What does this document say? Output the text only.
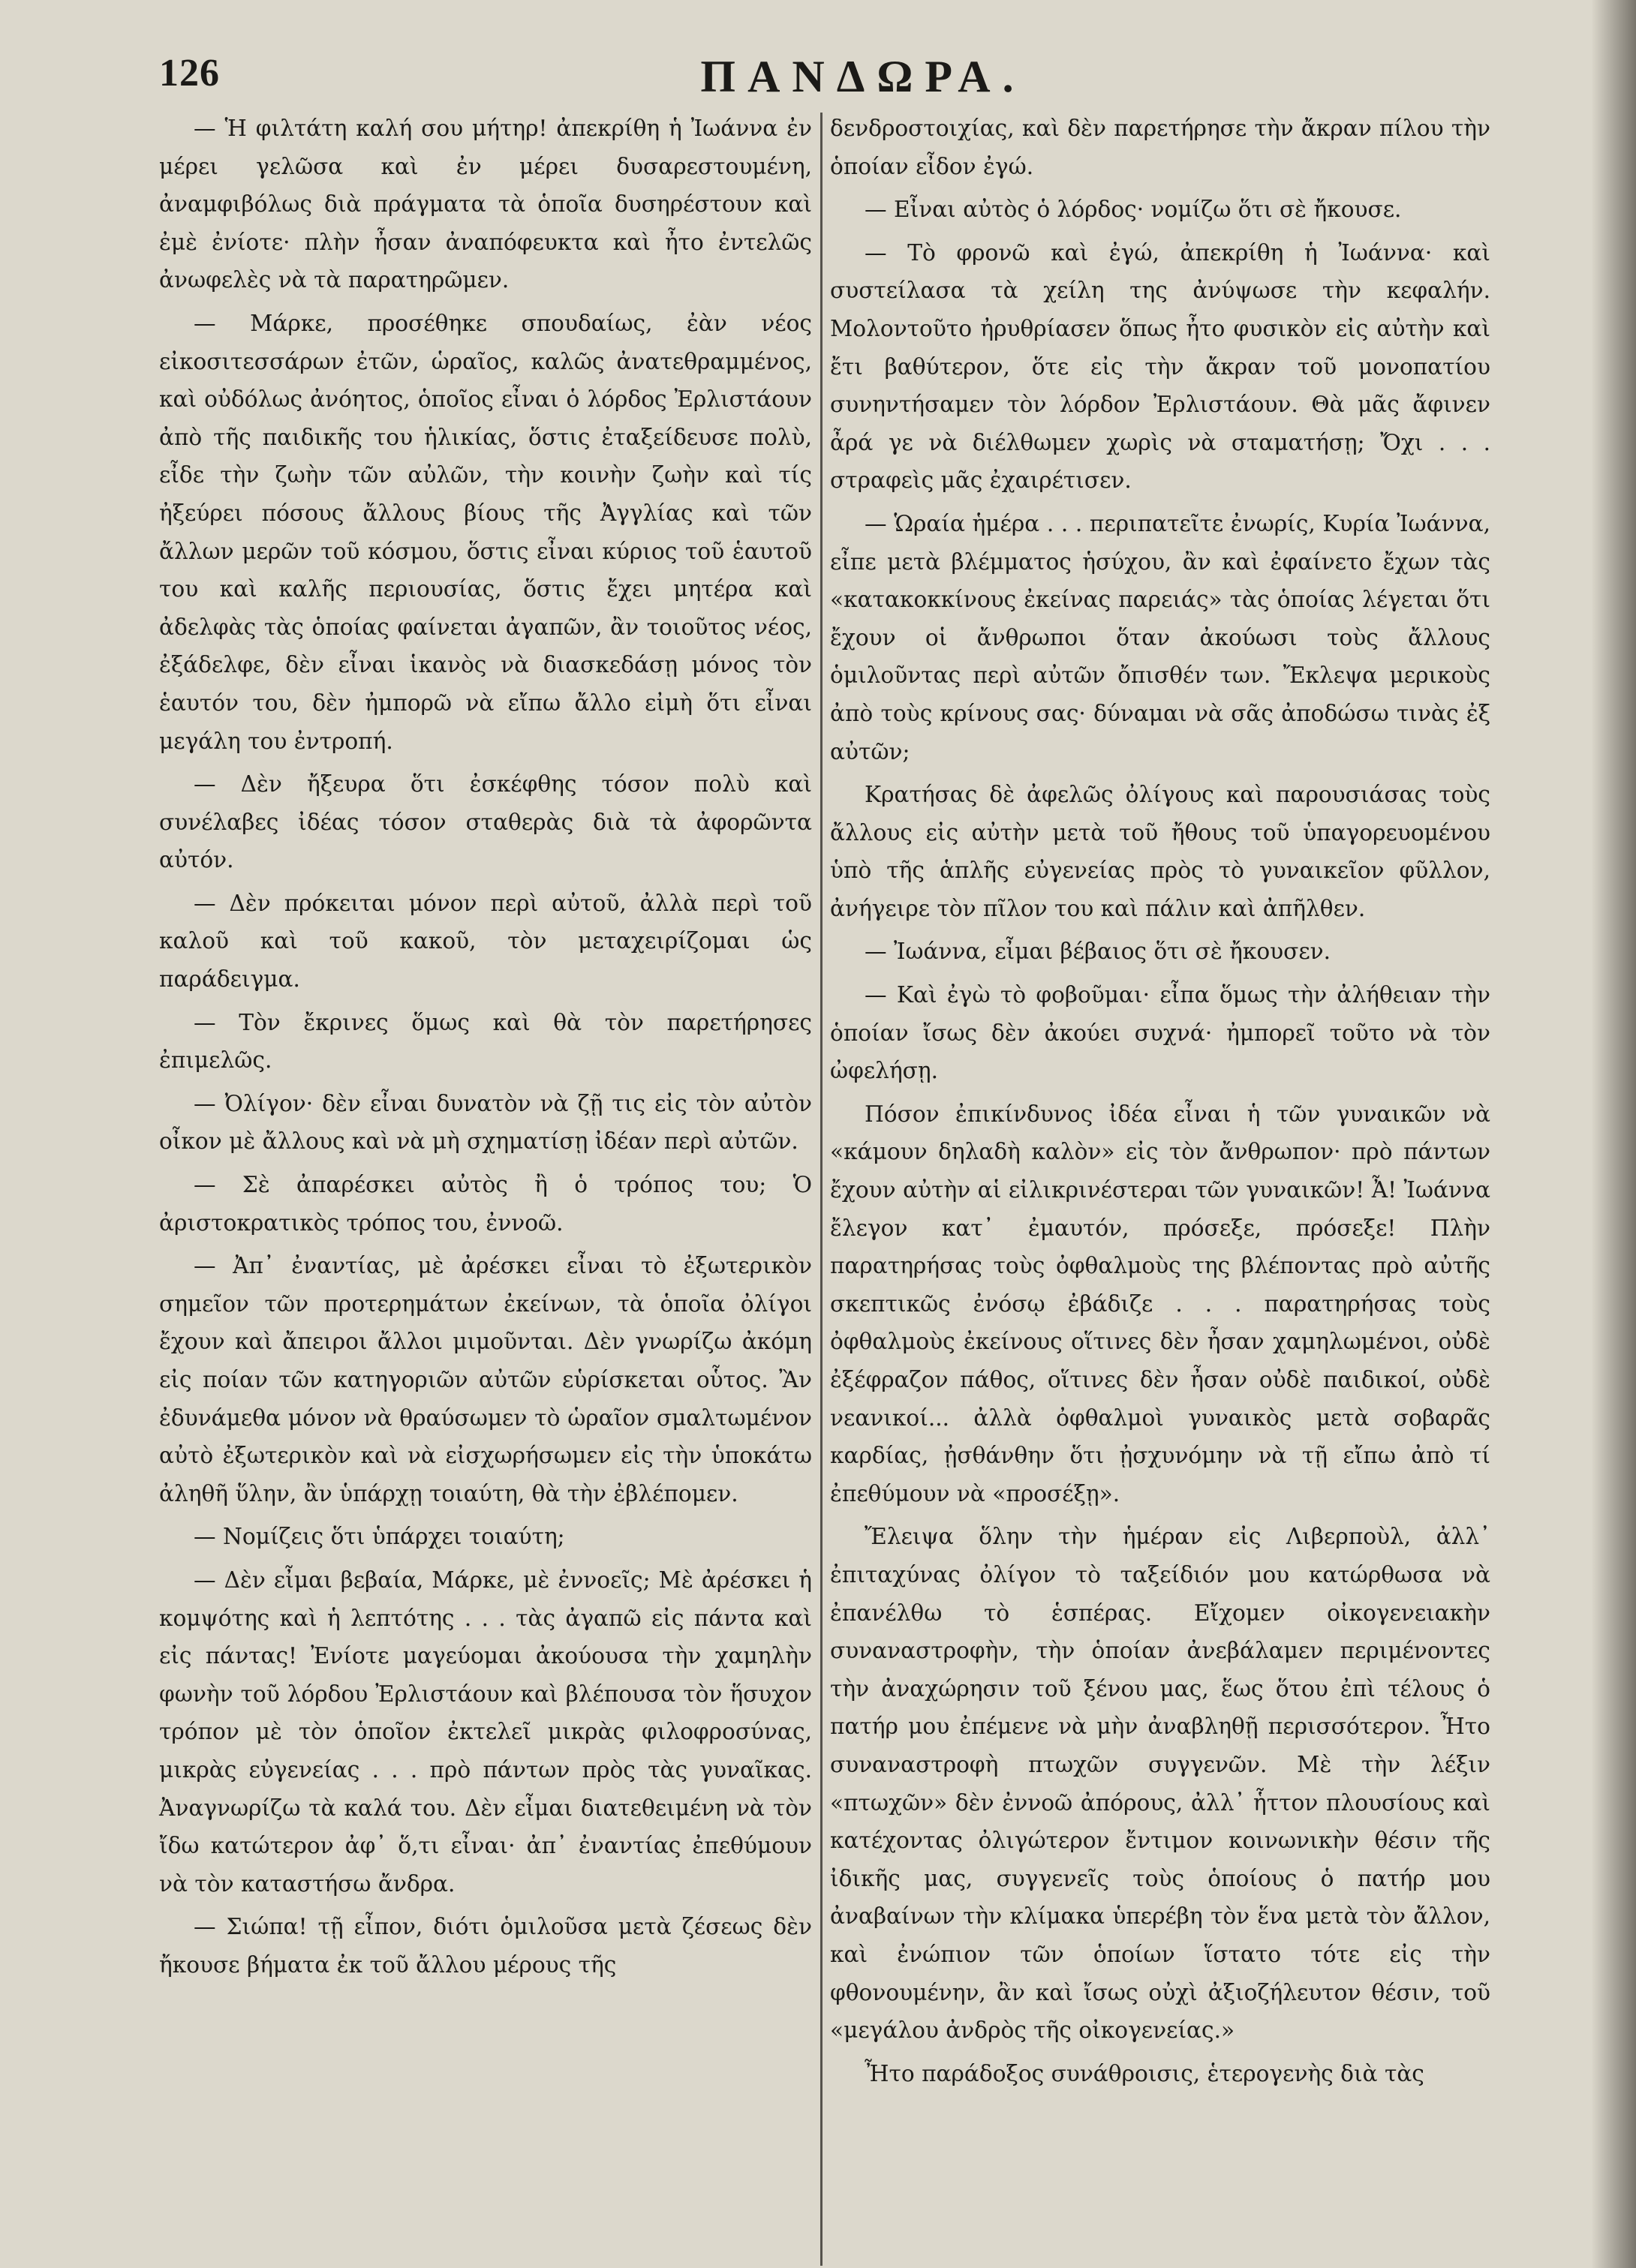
126	ΠΑΝΔΩΡΑ.

— Ἡ φιλτάτη καλή σου μήτηρ! ἀπεκρίθη ἡ Ἰωάννα ἐν μέρει γελῶσα καὶ ἐν μέρει δυσαρεστουμένη, ἀναμφιβόλως διὰ πράγματα τὰ ὁποῖα δυσηρέστουν καὶ ἐμὲ ἐνίοτε· πλὴν ἦσαν ἀναπόφευκτα καὶ ἦτο ἐντελῶς ἀνωφελὲς νὰ τὰ παρατηρῶμεν.

— Μάρκε, προσέθηκε σπουδαίως, ἐὰν νέος εἰκοσιτεσσάρων ἐτῶν, ὡραῖος, καλῶς ἀνατεθραμμένος, καὶ οὐδόλως ἀνόητος, ὁποῖος εἶναι ὁ λόρδος Ἐρλιστάουν ἀπὸ τῆς παιδικῆς του ἡλικίας, ὅστις ἐταξείδευσε πολὺ, εἶδε τὴν ζωὴν τῶν αὐλῶν, τὴν κοινὴν ζωὴν καὶ τίς ἠξεύρει πόσους ἄλλους βίους τῆς Ἀγγλίας καὶ τῶν ἄλλων μερῶν τοῦ κόσμου, ὅστις εἶναι κύριος τοῦ ἑαυτοῦ του καὶ καλῆς περιουσίας, ὅστις ἔχει μητέρα καὶ ἀδελφὰς τὰς ὁποίας φαίνεται ἀγαπῶν, ἂν τοιοῦτος νέος, ἐξάδελφε, δὲν εἶναι ἱκανὸς νὰ διασκεδάσῃ μόνος τὸν ἑαυτόν του, δὲν ἠμπορῶ νὰ εἴπω ἄλλο εἰμὴ ὅτι εἶναι μεγάλη του ἐντροπή.

— Δὲν ἤξευρα ὅτι ἐσκέφθης τόσον πολὺ καὶ συνέλαβες ἰδέας τόσον σταθερὰς διὰ τὰ ἀφορῶντα αὐτόν.

— Δὲν πρόκειται μόνον περὶ αὐτοῦ, ἀλλὰ περὶ τοῦ καλοῦ καὶ τοῦ κακοῦ, τὸν μεταχειρίζομαι ὡς παράδειγμα.

— Τὸν ἔκρινες ὅμως καὶ θὰ τὸν παρετήρησες ἐπιμελῶς.

— Ὀλίγον· δὲν εἶναι δυνατὸν νὰ ζῇ τις εἰς τὸν αὐτὸν οἶκον μὲ ἄλλους καὶ νὰ μὴ σχηματίσῃ ἰδέαν περὶ αὐτῶν.

— Σὲ ἀπαρέσκει αὐτὸς ἢ ὁ τρόπος του; Ὁ ἀριστοκρατικὸς τρόπος του, ἐννοῶ.

— Ἀπ᾽ ἐναντίας, μὲ ἀρέσκει εἶναι τὸ ἐξωτερικὸν σημεῖον τῶν προτερημάτων ἐκείνων, τὰ ὁποῖα ὀλίγοι ἔχουν καὶ ἄπειροι ἄλλοι μιμοῦνται. Δὲν γνωρίζω ἀκόμη εἰς ποίαν τῶν κατηγοριῶν αὐτῶν εὑρίσκεται οὗτος. Ἂν ἐδυνάμεθα μόνον νὰ θραύσωμεν τὸ ὡραῖον σμαλτωμένον αὐτὸ ἐξωτερικὸν καὶ νὰ εἰσχωρήσωμεν εἰς τὴν ὑποκάτω ἀληθῆ ὕλην, ἂν ὑπάρχῃ τοιαύτη, θὰ τὴν ἐβλέπομεν.

— Νομίζεις ὅτι ὑπάρχει τοιαύτη;

— Δὲν εἶμαι βεβαία, Μάρκε, μὲ ἐννοεῖς; Μὲ ἀρέσκει ἡ κομψότης καὶ ἡ λεπτότης . . . τὰς ἀγαπῶ εἰς πάντα καὶ εἰς πάντας! Ἐνίοτε μαγεύομαι ἀκούουσα τὴν χαμηλὴν φωνὴν τοῦ λόρδου Ἐρλιστάουν καὶ βλέπουσα τὸν ἥσυχον τρόπον μὲ τὸν ὁποῖον ἐκτελεῖ μικρὰς φιλοφροσύνας, μικρὰς εὐγενείας . . . πρὸ πάντων πρὸς τὰς γυναῖκας. Ἀναγνωρίζω τὰ καλά του. Δὲν εἶμαι διατεθειμένη νὰ τὸν ἴδω κατώτερον ἀφ᾽ ὅ,τι εἶναι· ἀπ᾽ ἐναντίας ἐπεθύμουν νὰ τὸν καταστήσω ἄνδρα.

— Σιώπα! τῇ εἶπον, διότι ὁμιλοῦσα μετὰ ζέσεως δὲν ἤκουσε βήματα ἐκ τοῦ ἄλλου μέρους τῆς

δενδροστοιχίας, καὶ δὲν παρετήρησε τὴν ἄκραν πίλου τὴν ὁποίαν εἶδον ἐγώ.

— Εἶναι αὐτὸς ὁ λόρδος· νομίζω ὅτι σὲ ἤκουσε.

— Τὸ φρονῶ καὶ ἐγώ, ἀπεκρίθη ἡ Ἰωάννα· καὶ συστείλασα τὰ χείλη της ἀνύψωσε τὴν κεφαλήν. Μολοντοῦτο ἠρυθρίασεν ὅπως ἦτο φυσικὸν εἰς αὐτὴν καὶ ἔτι βαθύτερον, ὅτε εἰς τὴν ἄκραν τοῦ μονοπατίου συνηντήσαμεν τὸν λόρδον Ἐρλιστάουν. Θὰ μᾶς ἄφινεν ἆρά γε νὰ διέλθωμεν χωρὶς νὰ σταματήσῃ; Ὄχι . . . στραφεὶς μᾶς ἐχαιρέτισεν.

— Ὡραία ἡμέρα . . . περιπατεῖτε ἐνωρίς, Κυρία Ἰωάννα, εἶπε μετὰ βλέμματος ἡσύχου, ἂν καὶ ἐφαίνετο ἔχων τὰς «κατακοκκίνους ἐκείνας παρειάς» τὰς ὁποίας λέγεται ὅτι ἔχουν οἱ ἄνθρωποι ὅταν ἀκούωσι τοὺς ἄλλους ὁμιλοῦντας περὶ αὐτῶν ὄπισθέν των. Ἔκλεψα μερικοὺς ἀπὸ τοὺς κρίνους σας· δύναμαι νὰ σᾶς ἀποδώσω τινὰς ἐξ αὐτῶν;

Κρατήσας δὲ ἀφελῶς ὀλίγους καὶ παρουσιάσας τοὺς ἄλλους εἰς αὐτὴν μετὰ τοῦ ἤθους τοῦ ὑπαγορευομένου ὑπὸ τῆς ἁπλῆς εὐγενείας πρὸς τὸ γυναικεῖον φῦλλον, ἀνήγειρε τὸν πῖλον του καὶ πάλιν καὶ ἀπῆλθεν.

— Ἰωάννα, εἶμαι βέβαιος ὅτι σὲ ἤκουσεν.

— Καὶ ἐγὼ τὸ φοβοῦμαι· εἶπα ὅμως τὴν ἀλήθειαν τὴν ὁποίαν ἴσως δὲν ἀκούει συχνά· ἠμπορεῖ τοῦτο νὰ τὸν ὠφελήσῃ.

Πόσον ἐπικίνδυνος ἰδέα εἶναι ἡ τῶν γυναικῶν νὰ «κάμουν δηλαδὴ καλὸν» εἰς τὸν ἄνθρωπον· πρὸ πάντων ἔχουν αὐτὴν αἱ εἰλικρινέστεραι τῶν γυναικῶν! Ἆ! Ἰωάννα ἔλεγον κατ᾽ ἐμαυτόν, πρόσεξε, πρόσεξε! Πλὴν παρατηρήσας τοὺς ὀφθαλμοὺς της βλέποντας πρὸ αὐτῆς σκεπτικῶς ἐνόσῳ ἐβάδιζε . . . παρατηρήσας τοὺς ὀφθαλμοὺς ἐκείνους οἵτινες δὲν ἦσαν χαμηλωμένοι, οὐδὲ ἐξέφραζον πάθος, οἵτινες δὲν ἦσαν οὐδὲ παιδικοί, οὐδὲ νεανικοί... ἀλλὰ ὀφθαλμοὶ γυναικὸς μετὰ σοβαρᾶς καρδίας, ᾐσθάνθην ὅτι ᾐσχυνόμην νὰ τῇ εἴπω ἀπὸ τί ἐπεθύμουν νὰ «προσέξῃ».

Ἔλειψα ὅλην τὴν ἡμέραν εἰς Λιβερποὺλ, ἀλλ᾽ ἐπιταχύνας ὀλίγον τὸ ταξείδιόν μου κατώρθωσα νὰ ἐπανέλθω τὸ ἑσπέρας. Εἴχομεν οἰκογενειακὴν συναναστροφὴν, τὴν ὁποίαν ἀνεβάλαμεν περιμένοντες τὴν ἀναχώρησιν τοῦ ξένου μας, ἕως ὅτου ἐπὶ τέλους ὁ πατήρ μου ἐπέμενε νὰ μὴν ἀναβληθῇ περισσότερον. Ἦτο συναναστροφὴ πτωχῶν συγγενῶν. Μὲ τὴν λέξιν «πτωχῶν» δὲν ἐννοῶ ἀπόρους, ἀλλ᾽ ἧττον πλουσίους καὶ κατέχοντας ὀλιγώτερον ἔντιμον κοινωνικὴν θέσιν τῆς ἰδικῆς μας, συγγενεῖς τοὺς ὁποίους ὁ πατήρ μου ἀναβαίνων τὴν κλίμακα ὑπερέβη τὸν ἕνα μετὰ τὸν ἄλλον, καὶ ἐνώπιον τῶν ὁποίων ἵστατο τότε εἰς τὴν φθονουμένην, ἂν καὶ ἴσως οὐχὶ ἀξιοζήλευτον θέσιν, τοῦ «μεγάλου ἀνδρὸς τῆς οἰκογενείας.»

Ἦτο παράδοξος συνάθροισις, ἑτερογενὴς διὰ τὰς
